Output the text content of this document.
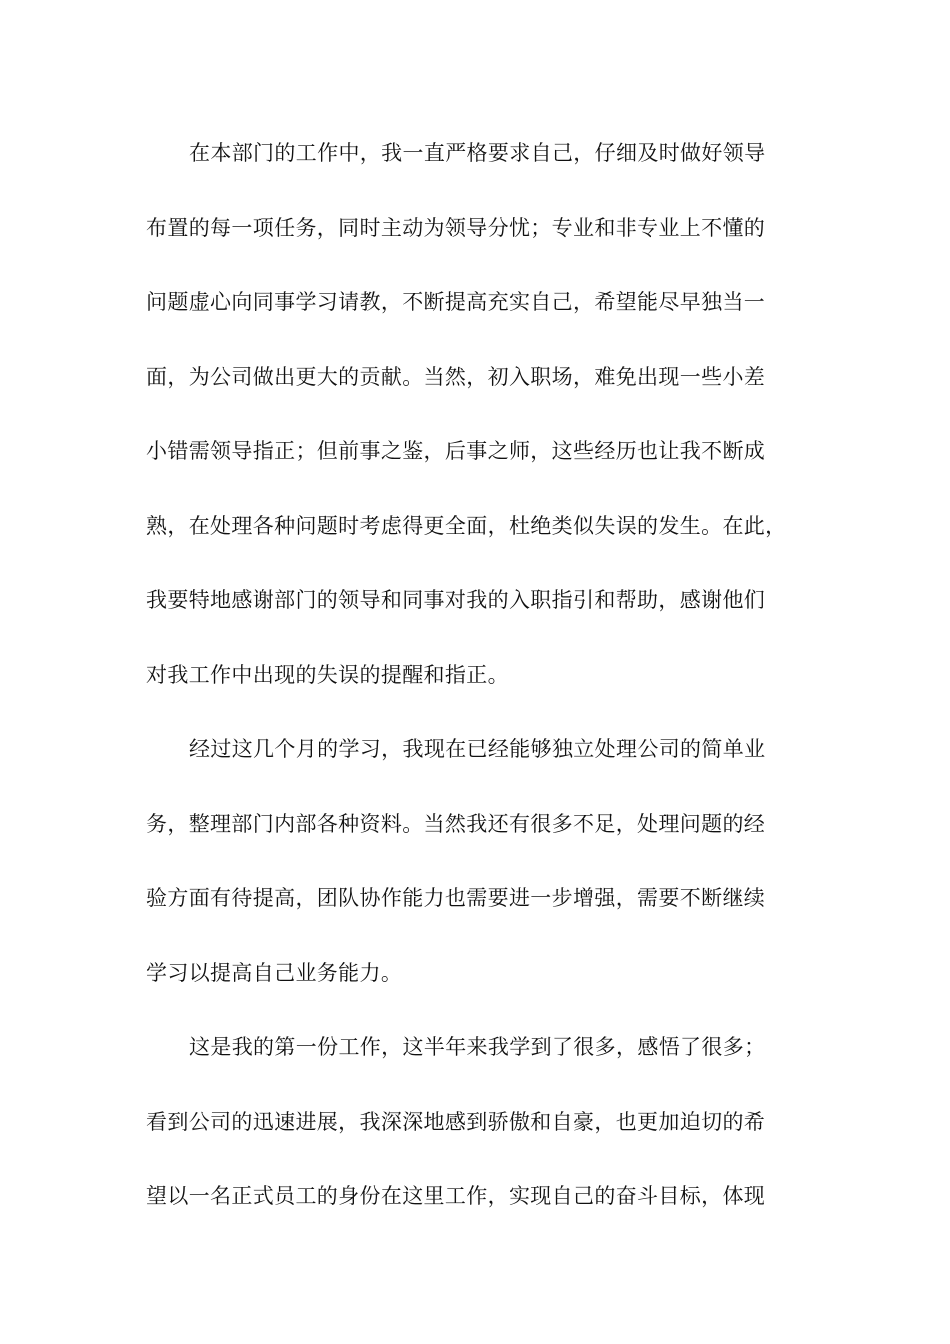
在本部门的工作中，我一直严格要求自己，仔细及时做好领导
布置的每一项任务，同时主动为领导分忧；专业和非专业上不懂的
问题虚心向同事学习请教，不断提高充实自己，希望能尽早独当一
面，为公司做出更大的贡献。当然，初入职场，难免出现一些小差
小错需领导指正；但前事之鉴，后事之师，这些经历也让我不断成
熟，在处理各种问题时考虑得更全面，杜绝类似失误的发生。在此，
我要特地感谢部门的领导和同事对我的入职指引和帮助，感谢他们
对我工作中出现的失误的提醒和指正。
经过这几个月的学习，我现在已经能够独立处理公司的简单业
务，整理部门内部各种资料。当然我还有很多不足，处理问题的经
验方面有待提高，团队协作能力也需要进一步增强，需要不断继续
学习以提高自己业务能力。
这是我的第一份工作，这半年来我学到了很多，感悟了很多；
看到公司的迅速进展，我深深地感到骄傲和自豪，也更加迫切的希
望以一名正式员工的身份在这里工作，实现自己的奋斗目标，体现
